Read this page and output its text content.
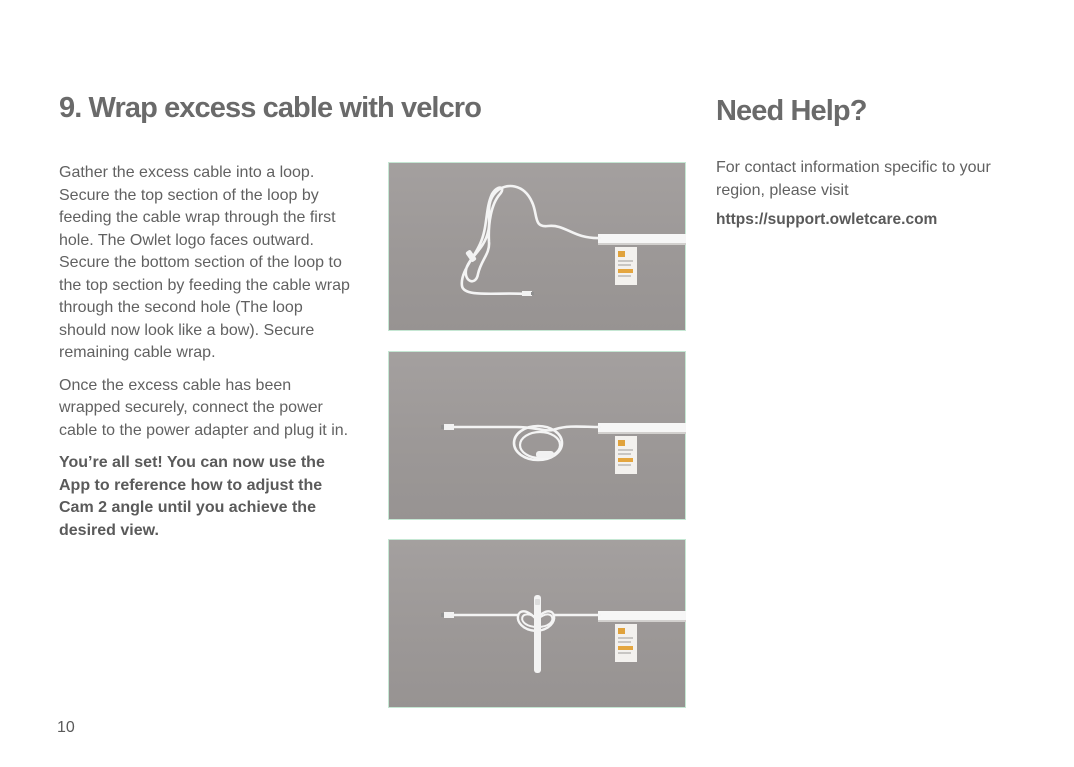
9. Wrap excess cable with velcro	Need Help?

Gather the excess cable into a loop. Secure the top section of the loop by feeding the cable wrap through the first hole. The Owlet logo faces outward. Secure the bottom section of the loop to the top section by feeding the cable wrap through the second hole (The loop should now look like a bow). Secure remaining cable wrap.

Once the excess cable has been wrapped securely, connect the power cable to the power adapter and plug it in.

You’re all set! You can now use the App to reference how to adjust the Cam 2 angle until you achieve the desired view.

For contact information specific to your region, please visit

https://support.owletcare.com
10
